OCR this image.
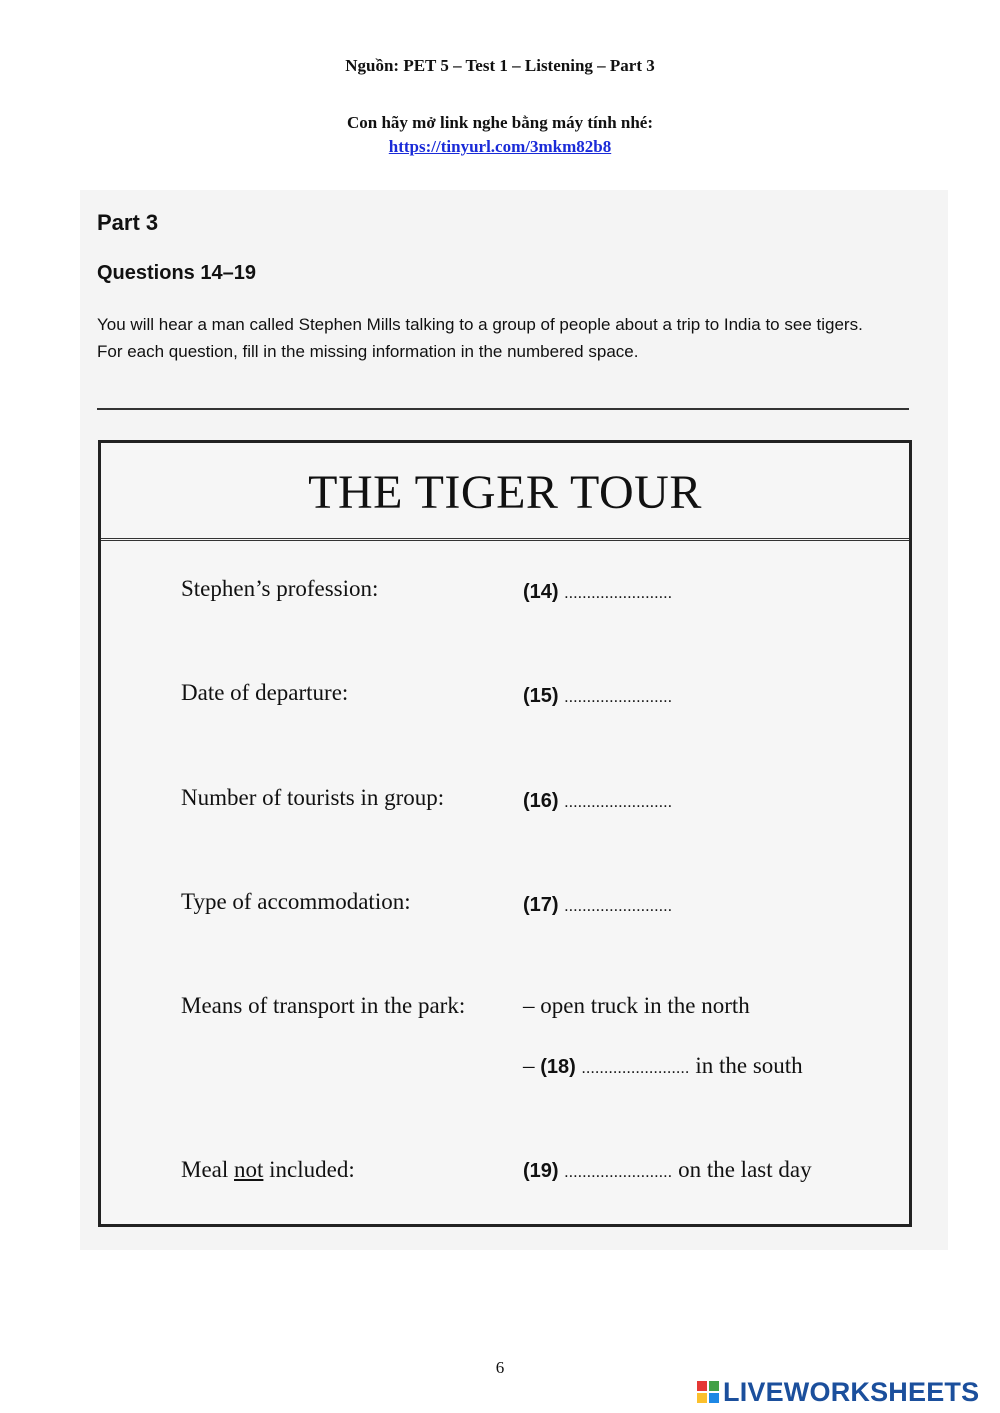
Nguồn: PET 5 – Test 1 – Listening – Part 3
Con hãy mở link nghe bằng máy tính nhé:
https://tinyurl.com/3mkm82b8
Part 3
Questions 14–19

You will hear a man called Stephen Mills talking to a group of people about a trip to India to see tigers.

For each question, fill in the missing information in the numbered space.

THE TIGER TOUR
Stephen’s profession:	(14) ........................
Date of departure:	(15) ........................
Number of tourists in group:	(16) ........................
Type of accommodation:	(17) ........................
Means of transport in the park:	– open truck in the north
– (18) ........................ in the south
Meal not included:	(19) ........................ on the last day
6
LIVEWORKSHEETS
